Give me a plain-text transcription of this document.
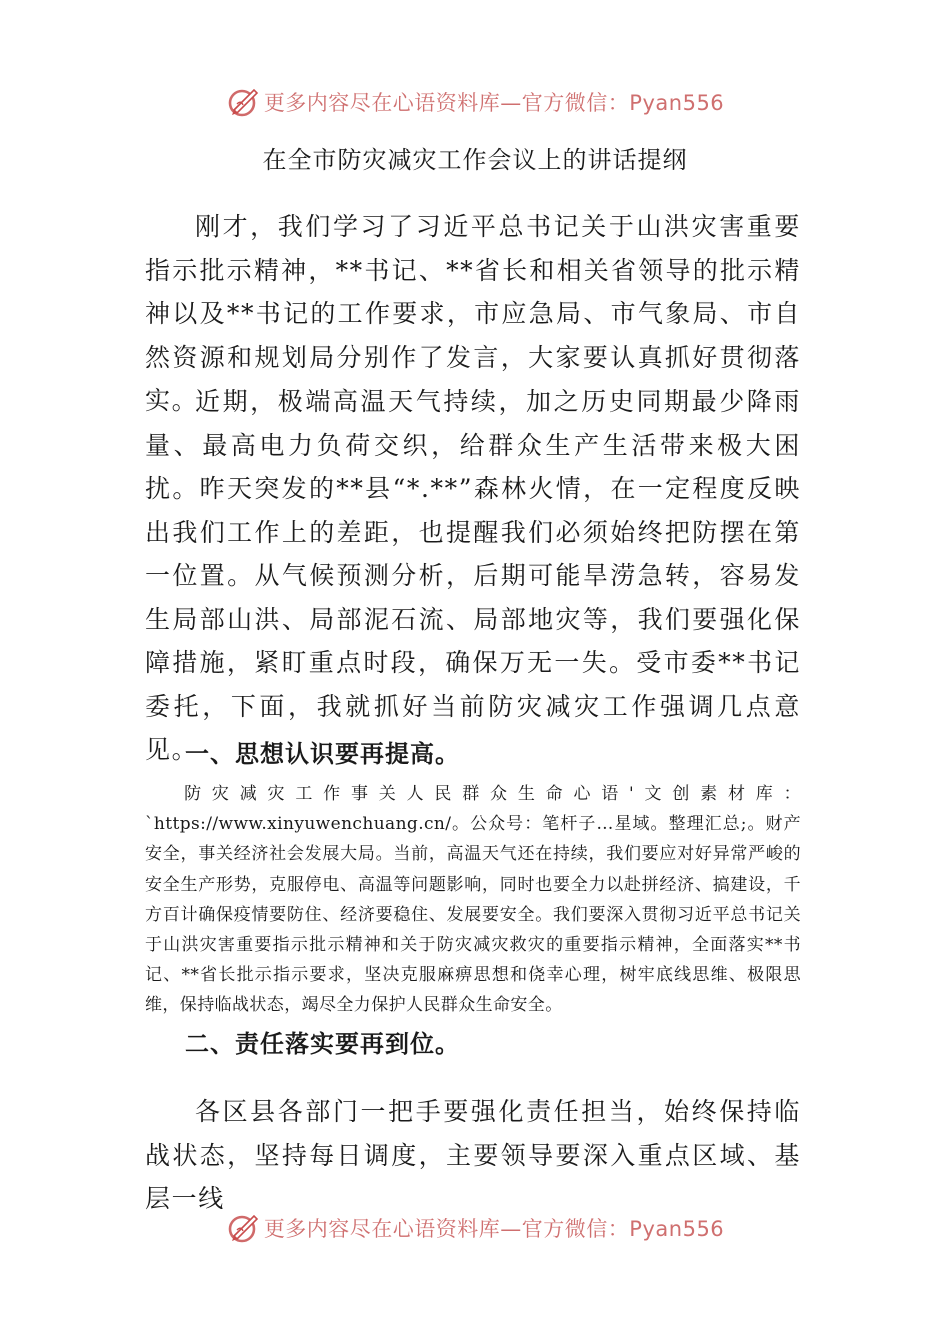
更多内容尽在心语资料库—官方微信：Pyan556
在全市防灾减灾工作会议上的讲话提纲

刚才，我们学习了习近平总书记关于山洪灾害重要指示批示精神，**书记、**省长和相关省领导的批示精神以及**书记的工作要求，市应急局、市气象局、市自然资源和规划局分别作了发言，大家要认真抓好贯彻落实。

近期，极端高温天气持续，加之历史同期最少降雨量、最高电力负荷交织，给群众生产生活带来极大困扰。昨天突发的**县“*.**”森林火情，在一定程度反映出我们工作上的差距，也提醒我们必须始终把防摆在第一位置。从气候预测分析，后期可能旱涝急转，容易发生局部山洪、局部泥石流、局部地灾等，我们要强化保障措施，紧盯重点时段，确保万无一失。受市委**书记委托，下面，我就抓好当前防灾减灾工作强调几点意见。

一、思想认识要再提高。

防灾减灾工作事关人民群众生命心语'文创素材库：`https://www.xinyuwenchuang.cn/。公众号：笔杆子…星域。整理汇总;。财产安全，事关经济社会发展大局。当前，高温天气还在持续，我们要应对好异常严峻的安全生产形势，克服停电、高温等问题影响，同时也要全力以赴拼经济、搞建设，千方百计确保疫情要防住、经济要稳住、发展要安全。我们要深入贯彻习近平总书记关于山洪灾害重要指示批示精神和关于防灾减灾救灾的重要指示精神，全面落实**书记、**省长批示指示要求，坚决克服麻痹思想和侥幸心理，树牢底线思维、极限思维，保持临战状态，竭尽全力保护人民群众生命安全。

二、责任落实要再到位。

各区县各部门一把手要强化责任担当，始终保持临战状态，坚持每日调度，主要领导要深入重点区域、基层一线

更多内容尽在心语资料库—官方微信：Pyan556
